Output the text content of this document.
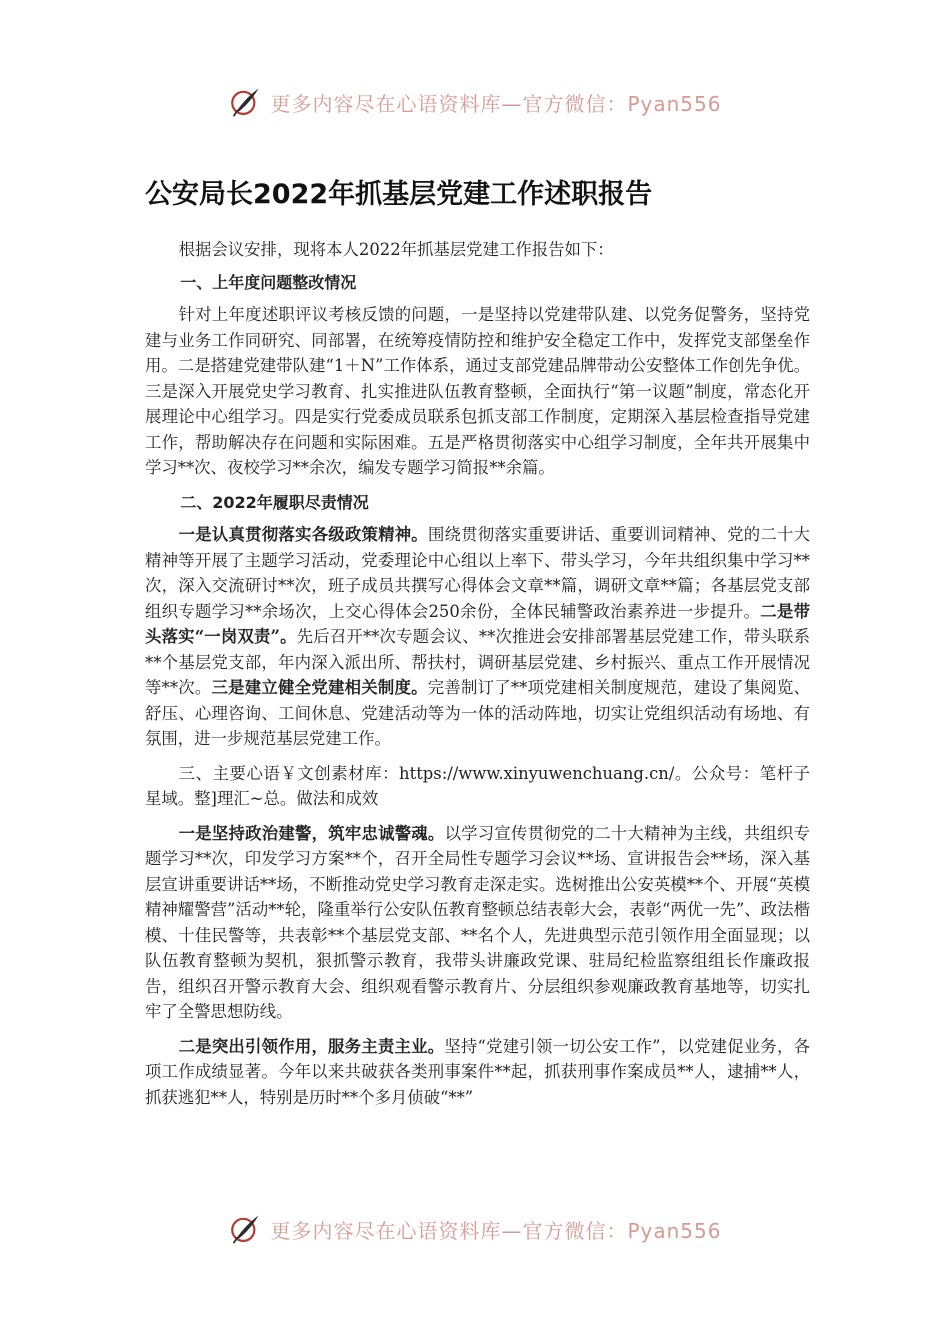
更多内容尽在心语资料库—官方微信：Pyan556
公安局长2022年抓基层党建工作述职报告

根据会议安排，现将本人2022年抓基层党建工作报告如下：

一、上年度问题整改情况

针对上年度述职评议考核反馈的问题，一是坚持以党建带队建、以党务促警务，坚持党建与业务工作同研究、同部署，在统筹疫情防控和维护安全稳定工作中，发挥党支部堡垒作用。二是搭建党建带队建“1＋N”工作体系，通过支部党建品牌带动公安整体工作创先争优。三是深入开展党史学习教育、扎实推进队伍教育整顿，全面执行“第一议题”制度，常态化开展理论中心组学习。四是实行党委成员联系包抓支部工作制度，定期深入基层检查指导党建工作，帮助解决存在问题和实际困难。五是严格贯彻落实中心组学习制度，全年共开展集中学习**次、夜校学习**余次，编发专题学习简报**余篇。

二、2022年履职尽责情况

一是认真贯彻落实各级政策精神。围绕贯彻落实重要讲话、重要训词精神、党的二十大精神等开展了主题学习活动，党委理论中心组以上率下、带头学习，今年共组织集中学习**次，深入交流研讨**次，班子成员共撰写心得体会文章**篇，调研文章**篇；各基层党支部组织专题学习**余场次，上交心得体会250余份，全体民辅警政治素养进一步提升。二是带头落实“一岗双责”。先后召开**次专题会议、**次推进会安排部署基层党建工作，带头联系**个基层党支部，年内深入派出所、帮扶村，调研基层党建、乡村振兴、重点工作开展情况等**次。三是建立健全党建相关制度。完善制订了**项党建相关制度规范，建设了集阅览、舒压、心理咨询、工间休息、党建活动等为一体的活动阵地，切实让党组织活动有场地、有氛围，进一步规范基层党建工作。

三、主要心语￥文创素材库：https://www.xinyuwenchuang.cn/。公众号：笔杆子星域。整]理汇~总。做法和成效

一是坚持政治建警，筑牢忠诚警魂。以学习宣传贯彻党的二十大精神为主线，共组织专题学习**次，印发学习方案**个，召开全局性专题学习会议**场、宣讲报告会**场，深入基层宣讲重要讲话**场，不断推动党史学习教育走深走实。选树推出公安英模**个、开展“英模精神耀警营”活动**轮，隆重举行公安队伍教育整顿总结表彰大会，表彰“两优一先”、政法楷模、十佳民警等，共表彰**个基层党支部、**名个人，先进典型示范引领作用全面显现；以队伍教育整顿为契机，狠抓警示教育，我带头讲廉政党课、驻局纪检监察组组长作廉政报告，组织召开警示教育大会、组织观看警示教育片、分层组织参观廉政教育基地等，切实扎牢了全警思想防线。

二是突出引领作用，服务主责主业。坚持“党建引领一切公安工作”，以党建促业务，各项工作成绩显著。今年以来共破获各类刑事案件**起，抓获刑事作案成员**人，逮捕**人，抓获逃犯**人，特别是历时**个多月侦破“**”

更多内容尽在心语资料库—官方微信：Pyan556
